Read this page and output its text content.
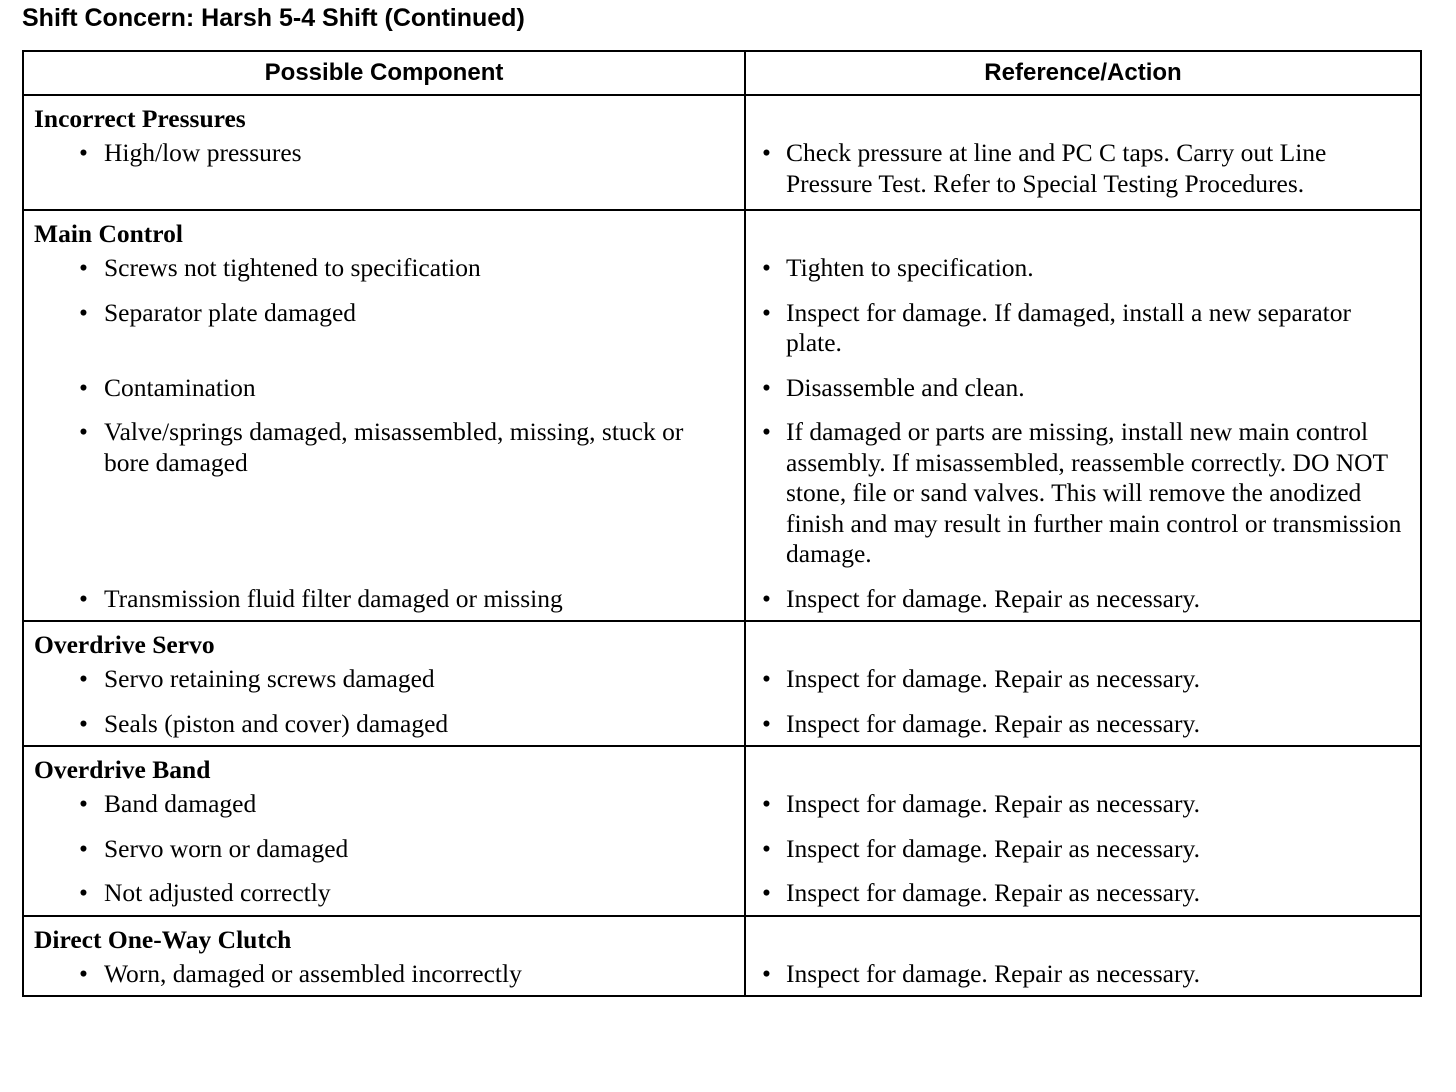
Shift Concern: Harsh 5-4 Shift (Continued)
Possible Component	Reference/Action

Incorrect Pressures	

• High/low pressures	• Check pressure at line and PC C taps. Carry out Line Pressure Test. Refer to Special Testing Procedures.

Main Control	

• Screws not tightened to specification	• Tighten to specification.

• Separator plate damaged	• Inspect for damage. If damaged, install a new separator plate.

• Contamination	• Disassemble and clean.

• Valve/springs damaged, misassembled, missing, stuck or bore damaged	• If damaged or parts are missing, install new main control assembly. If misassembled, reassemble correctly. DO NOT stone, file or sand valves. This will remove the anodized finish and may result in further main control or transmission damage.

• Transmission fluid filter damaged or missing	• Inspect for damage. Repair as necessary.

Overdrive Servo	

• Servo retaining screws damaged	• Inspect for damage. Repair as necessary.

• Seals (piston and cover) damaged	• Inspect for damage. Repair as necessary.

Overdrive Band	

• Band damaged	• Inspect for damage. Repair as necessary.

• Servo worn or damaged	• Inspect for damage. Repair as necessary.

• Not adjusted correctly	• Inspect for damage. Repair as necessary.

Direct One-Way Clutch	

• Worn, damaged or assembled incorrectly	• Inspect for damage. Repair as necessary.
